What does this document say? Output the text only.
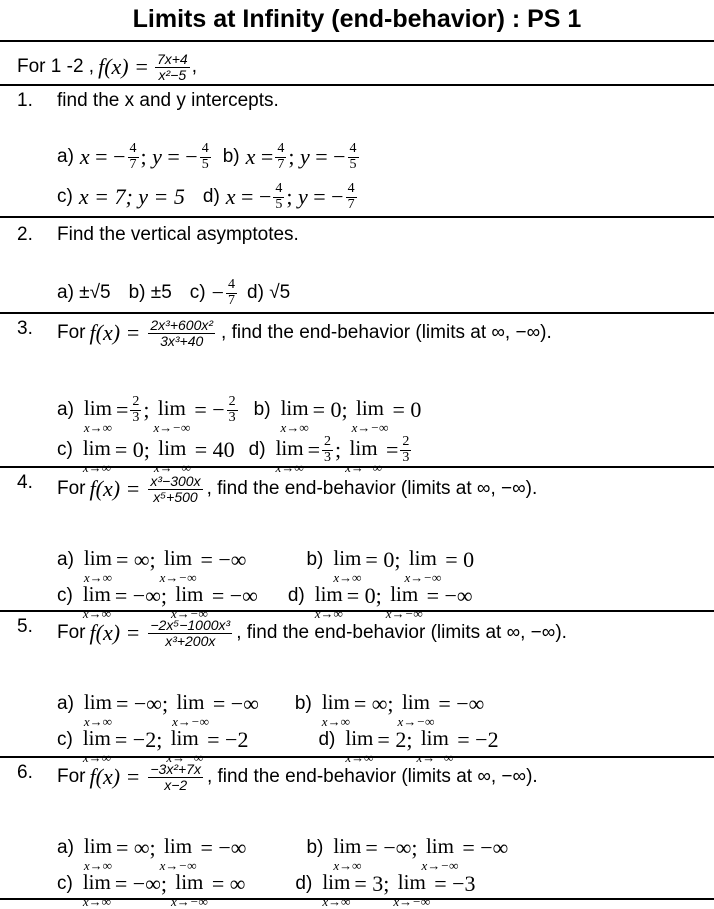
Limits at Infinity (end-behavior) : PS 1
For 1 -2 , $f(x) = \frac{7x+4}{\text{x²−5}}$ ,
1. find the x and y intercepts.
a) x = − $\frac{4}{7}$ ; y = − $\frac{4}{5} b$) $x = \frac{4}{7}$ ; y = − $\frac{4}{5}$
c) x = 7; y = 5 d) x = − $\frac{4}{5}$ ; y = − $\frac{4}{7}$
2. Find the vertical asymptotes.
a) ±√5 b) ±5 $c) - \frac{4}{7} d$) √5
3. For $f(x) = \frac{\text{2x³+600x²}}{\text{3x³+40}}$ , find the end-behavior (limits at ∞, −∞).
a) lim
x→∞
= $\frac{2}{3}$ ; lim
x→−∞
= − $\frac{2}{3} b$) lim
x→∞
= 0; lim
x→−∞
= 0
c) lim
x→∞
= 0; lim
x→−∞
= 40 d) lim
x→∞
= $\frac{2}{3}$ ; lim
x→−∞
= $\frac{2}{3}$
4. For $f(x) = \frac{\text{x³−300x}}{\text{x⁵+500}}$ , find the end-behavior (limits at ∞, −∞).
a) lim
x→∞
= ∞; lim
x→−∞
= −∞	b) lim
x→∞
= 0; lim
x→−∞
= 0
c) lim
x→∞
= −∞; lim
x→−∞
= −∞ d) lim
x→∞
= 0; lim
x→−∞
= −∞
5. For $f(x) = \frac{\text{−2x⁵−1000x³}}{\text{x³+200x}}$ , find the end-behavior (limits at ∞, −∞).
a) lim
x→∞
= −∞; lim
x→−∞
= −∞ b) lim
x→∞
= ∞; lim
x→−∞
= −∞
c) lim
x→∞
= −2; lim
x→−∞
= −2	d) lim
x→∞
= 2; lim
x→−∞
= −2
6. For $f(x) = \frac{\text{−3x²+7x}}{x-2}$ , find the end-behavior (limits at ∞, −∞).
a) lim
x→∞
= ∞; lim
x→−∞
= −∞	b) lim
x→∞
= −∞; lim
x→−∞
= −∞
c) lim
x→∞
= −∞; lim
x→−∞
= ∞	d) lim
x→∞
= 3; lim
x→−∞
= −3
